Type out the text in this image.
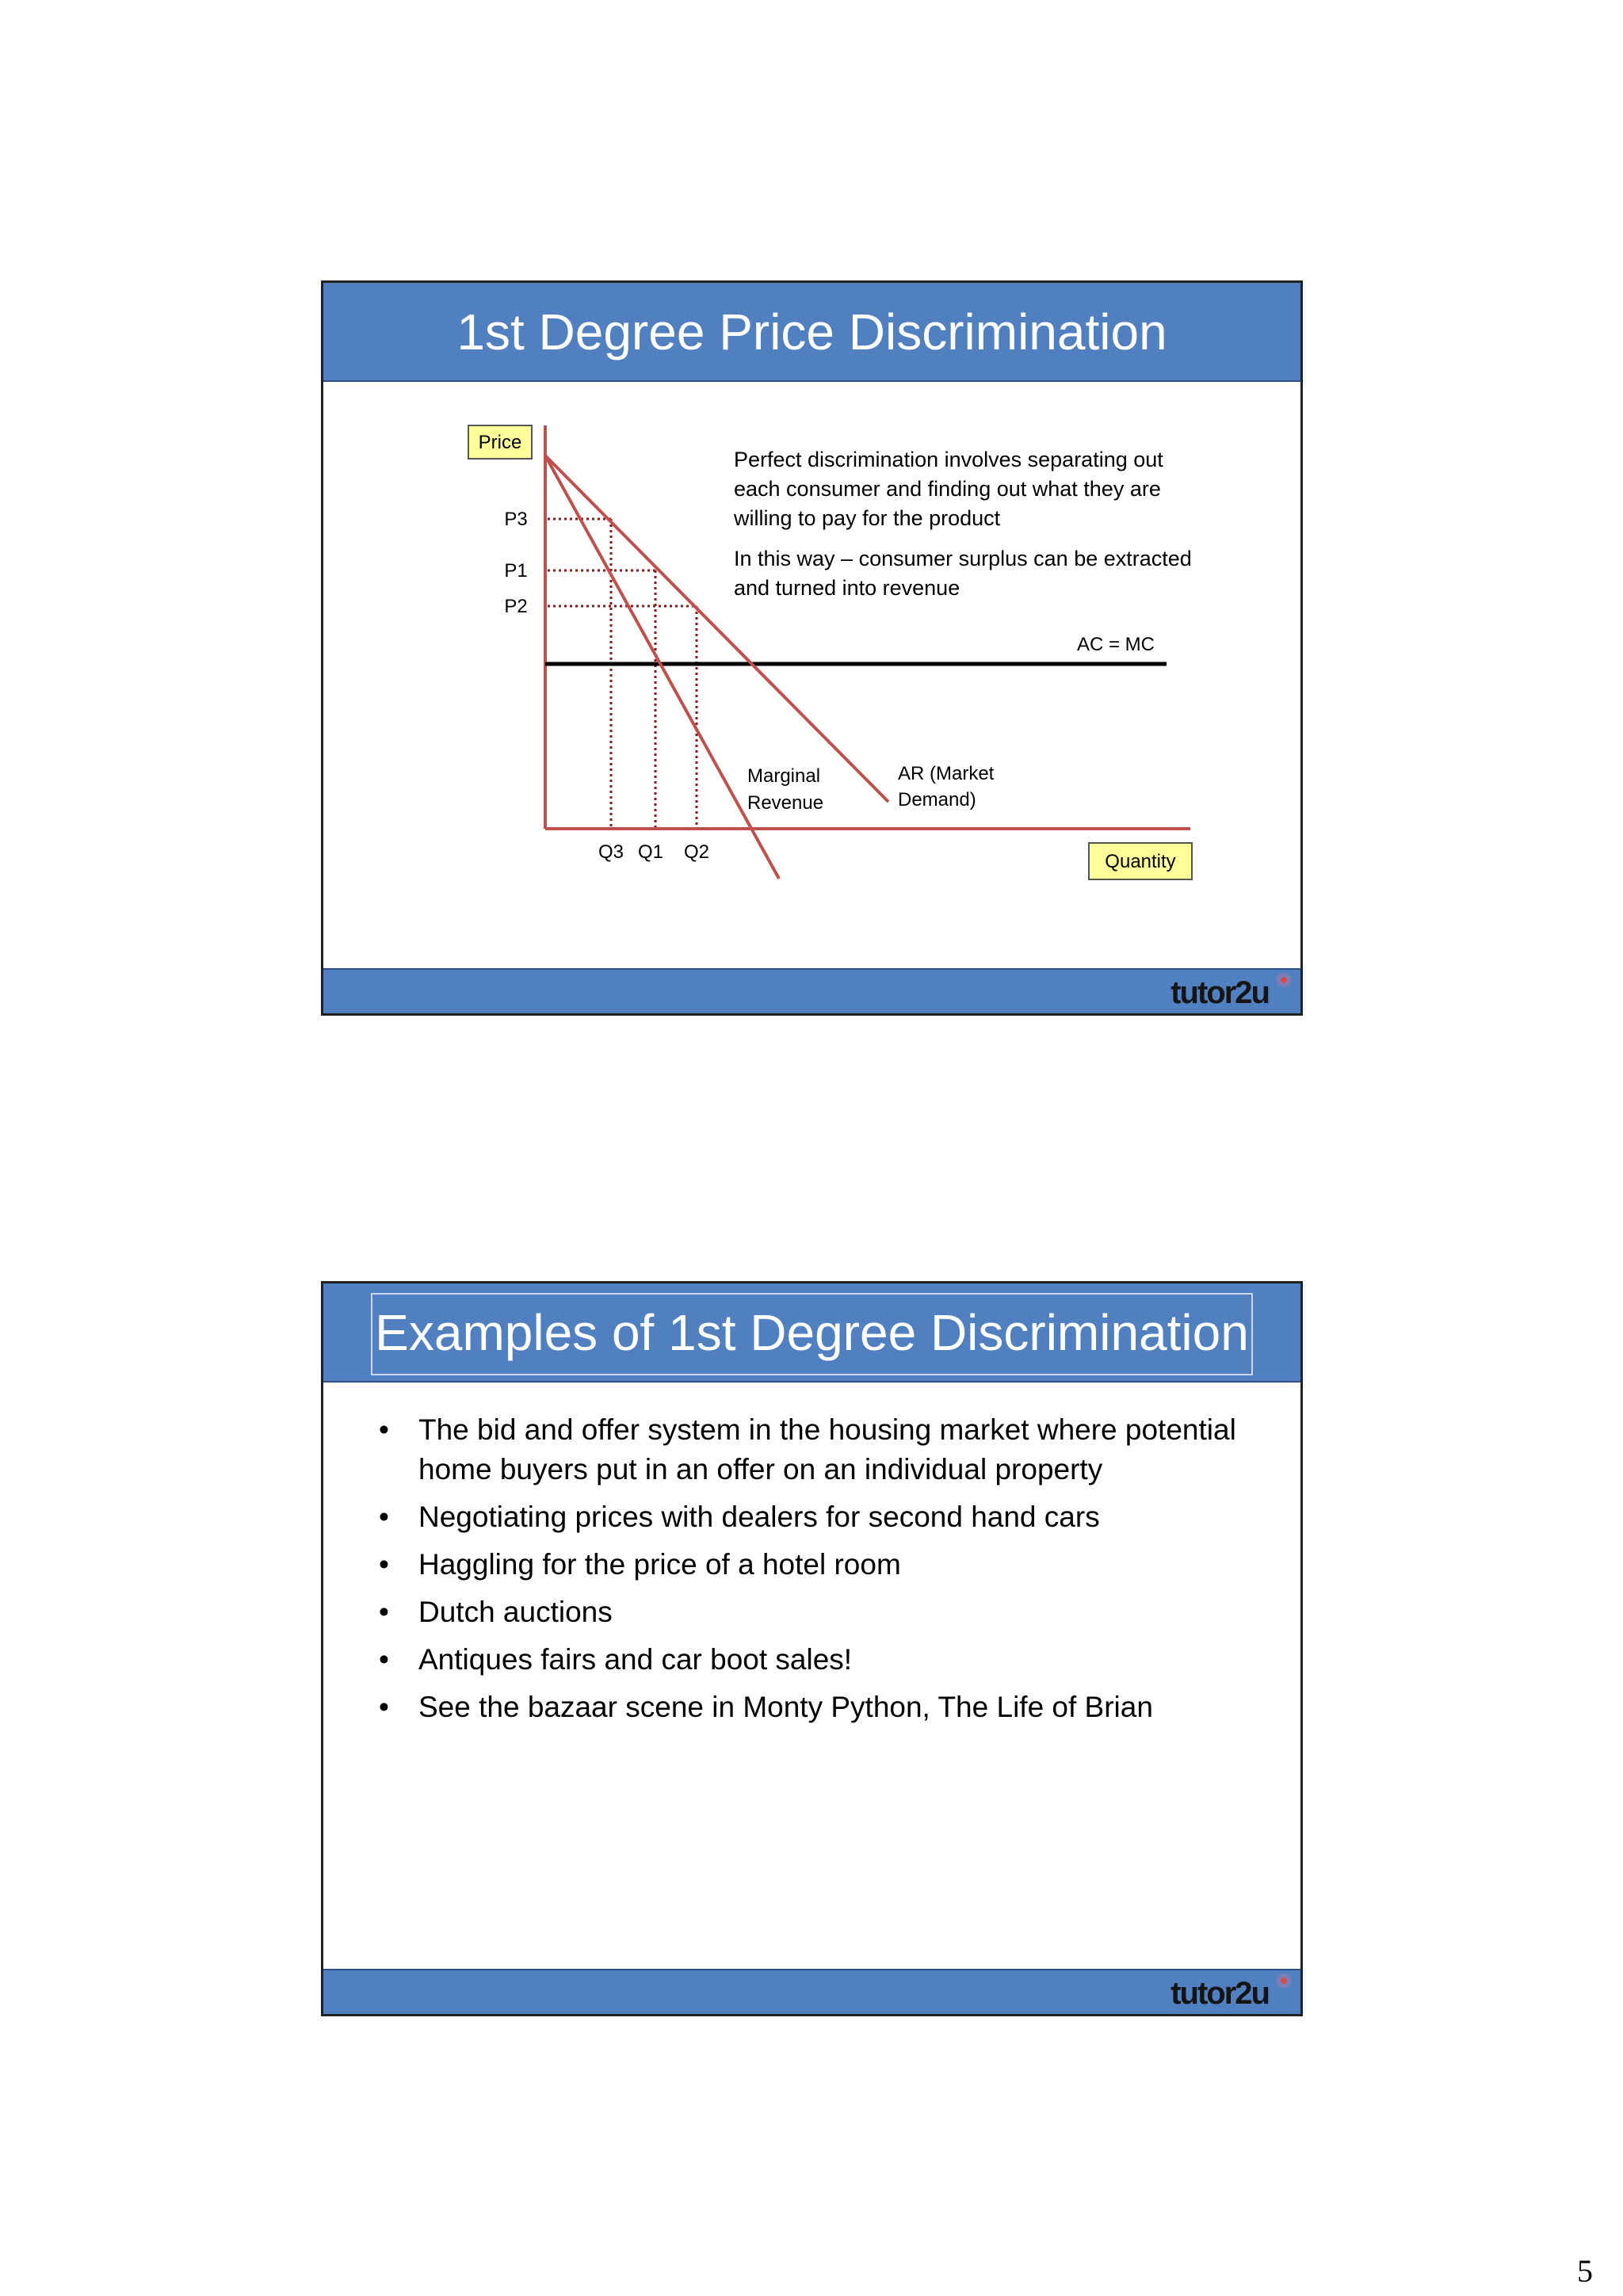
1st Degree Price Discrimination
Price
Quantity
P3
P1
P2
Q3 Q1 Q2
AC = MC
Marginal
Revenue
AR (Market
Demand)
Perfect discrimination involves separating out
each consumer and finding out what they are
willing to pay for the product
In this way – consumer surplus can be extracted
and turned into revenue
tutor2u
Examples of 1st Degree Discrimination
• The bid and offer system in the housing market where potential home buyers put in an offer on an individual property
• Negotiating prices with dealers for second hand cars
• Haggling for the price of a hotel room
• Dutch auctions
• Antiques fairs and car boot sales!
• See the bazaar scene in Monty Python, The Life of Brian
tutor2u
5
